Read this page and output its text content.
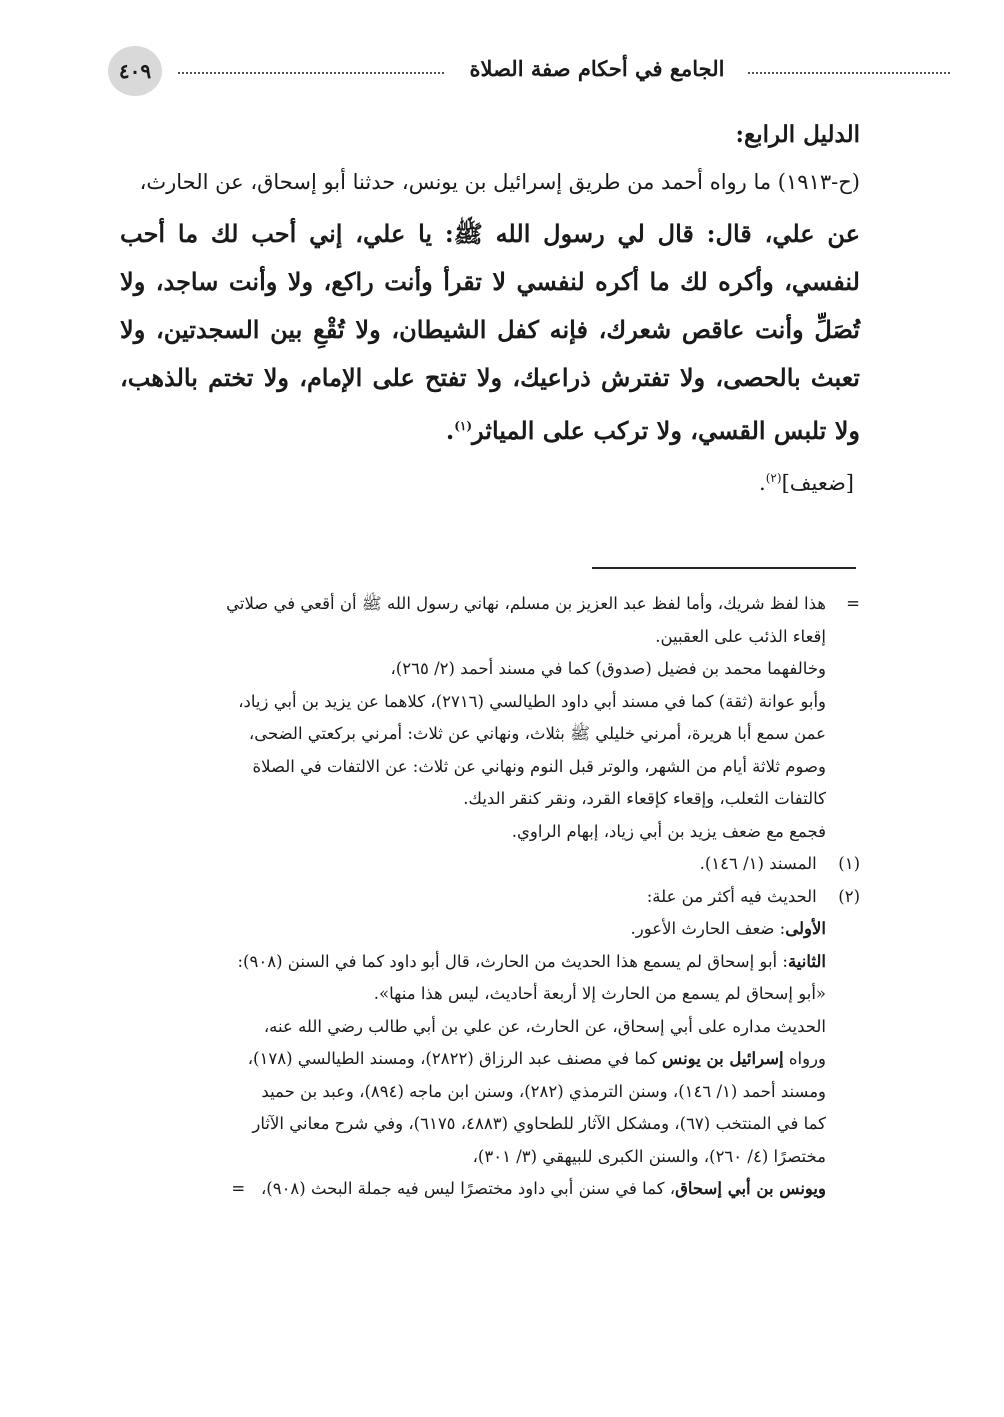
٤٠٩	الجامع في أحكام صفة الصلاة

الدليل الرابع:

(ح-١٩١٣) ما رواه أحمد من طريق إسرائيل بن يونس، حدثنا أبو إسحاق، عن الحارث،

عن علي، قال: قال لي رسول الله ﷺ: يا علي، إني أحب لك ما أحب لنفسي، وأكره لك ما أكره لنفسي لا تقرأ وأنت راكع، ولا وأنت ساجد، ولا تُصَلِّ وأنت عاقص شعرك، فإنه كفل الشيطان، ولا تُقْعِ بين السجدتين، ولا تعبث بالحصى، ولا تفترش ذراعيك، ولا تفتح على الإمام، ولا تختم بالذهب، ولا تلبس القسي، ولا تركب على المياثر$^{(١)}$.

[ضعيف]$^{(٢)}$.

=هذا لفظ شريك، وأما لفظ عبد العزيز بن مسلم، نهاني رسول الله ﷺ أن أقعي في صلاتي
إقعاء الذئب على العقبين.
وخالفهما محمد بن فضيل (صدوق) كما في مسند أحمد (٢/ ٢٦٥)،
وأبو عوانة (ثقة) كما في مسند أبي داود الطيالسي (٢٧١٦)، كلاهما عن يزيد بن أبي زياد،
عمن سمع أبا هريرة، أمرني خليلي ﷺ بثلاث، ونهاني عن ثلاث: أمرني بركعتي الضحى،
وصوم ثلاثة أيام من الشهر، والوتر قبل النوم ونهاني عن ثلاث: عن الالتفات في الصلاة
كالتفات الثعلب، وإقعاء كإقعاء القرد، ونقر كنقر الديك.
فجمع مع ضعف يزيد بن أبي زياد، إبهام الراوي.
(١) المسند (١/ ١٤٦).
(٢) الحديث فيه أكثر من علة:
الأولى: ضعف الحارث الأعور.
الثانية: أبو إسحاق لم يسمع هذا الحديث من الحارث، قال أبو داود كما في السنن (٩٠٨):
«أبو إسحاق لم يسمع من الحارث إلا أربعة أحاديث، ليس هذا منها».
الحديث مداره على أبي إسحاق، عن الحارث، عن علي بن أبي طالب رضي الله عنه،
ورواه إسرائيل بن يونس كما في مصنف عبد الرزاق (٢٨٢٢)، ومسند الطيالسي (١٧٨)،
ومسند أحمد (١/ ١٤٦)، وسنن الترمذي (٢٨٢)، وسنن ابن ماجه (٨٩٤)، وعبد بن حميد
كما في المنتخب (٦٧)، ومشكل الآثار للطحاوي (٤٨٨٣، ٦١٧٥)، وفي شرح معاني الآثار
مختصرًا (٤/ ٢٦٠)، والسنن الكبرى للبيهقي (٣/ ٣٠١)،
ويونس بن أبي إسحاق، كما في سنن أبي داود مختصرًا ليس فيه جملة البحث (٩٠٨)،   =
